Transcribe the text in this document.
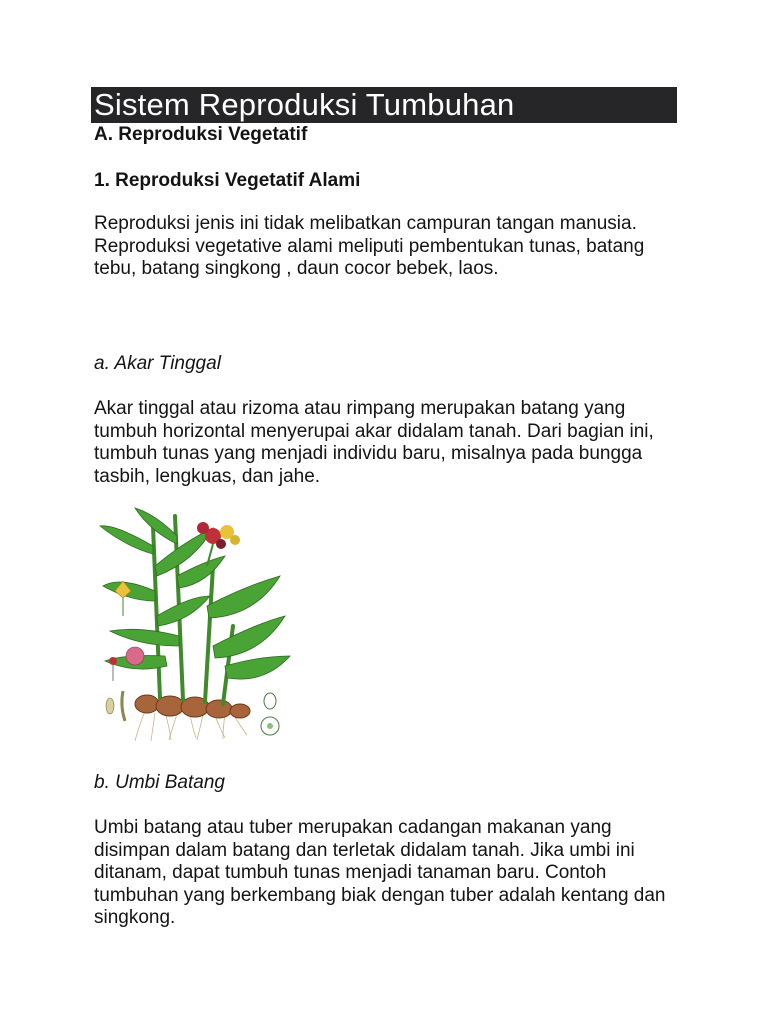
Sistem Reproduksi Tumbuhan

A. Reproduksi Vegetatif

1. Reproduksi Vegetatif Alami

Reproduksi jenis ini tidak melibatkan campuran tangan manusia. Reproduksi vegetative alami meliputi pembentukan tunas, batang tebu, batang singkong , daun cocor bebek, laos.

a. Akar Tinggal

Akar tinggal atau rizoma atau rimpang merupakan batang yang tumbuh horizontal menyerupai akar didalam tanah. Dari bagian ini, tumbuh tunas yang menjadi individu baru, misalnya pada bungga tasbih, lengkuas, dan jahe.

b. Umbi Batang

Umbi batang atau tuber merupakan cadangan makanan yang disimpan dalam batang dan terletak didalam tanah. Jika umbi ini ditanam, dapat tumbuh tunas menjadi tanaman baru. Contoh tumbuhan yang berkembang biak dengan tuber adalah kentang dan singkong.
